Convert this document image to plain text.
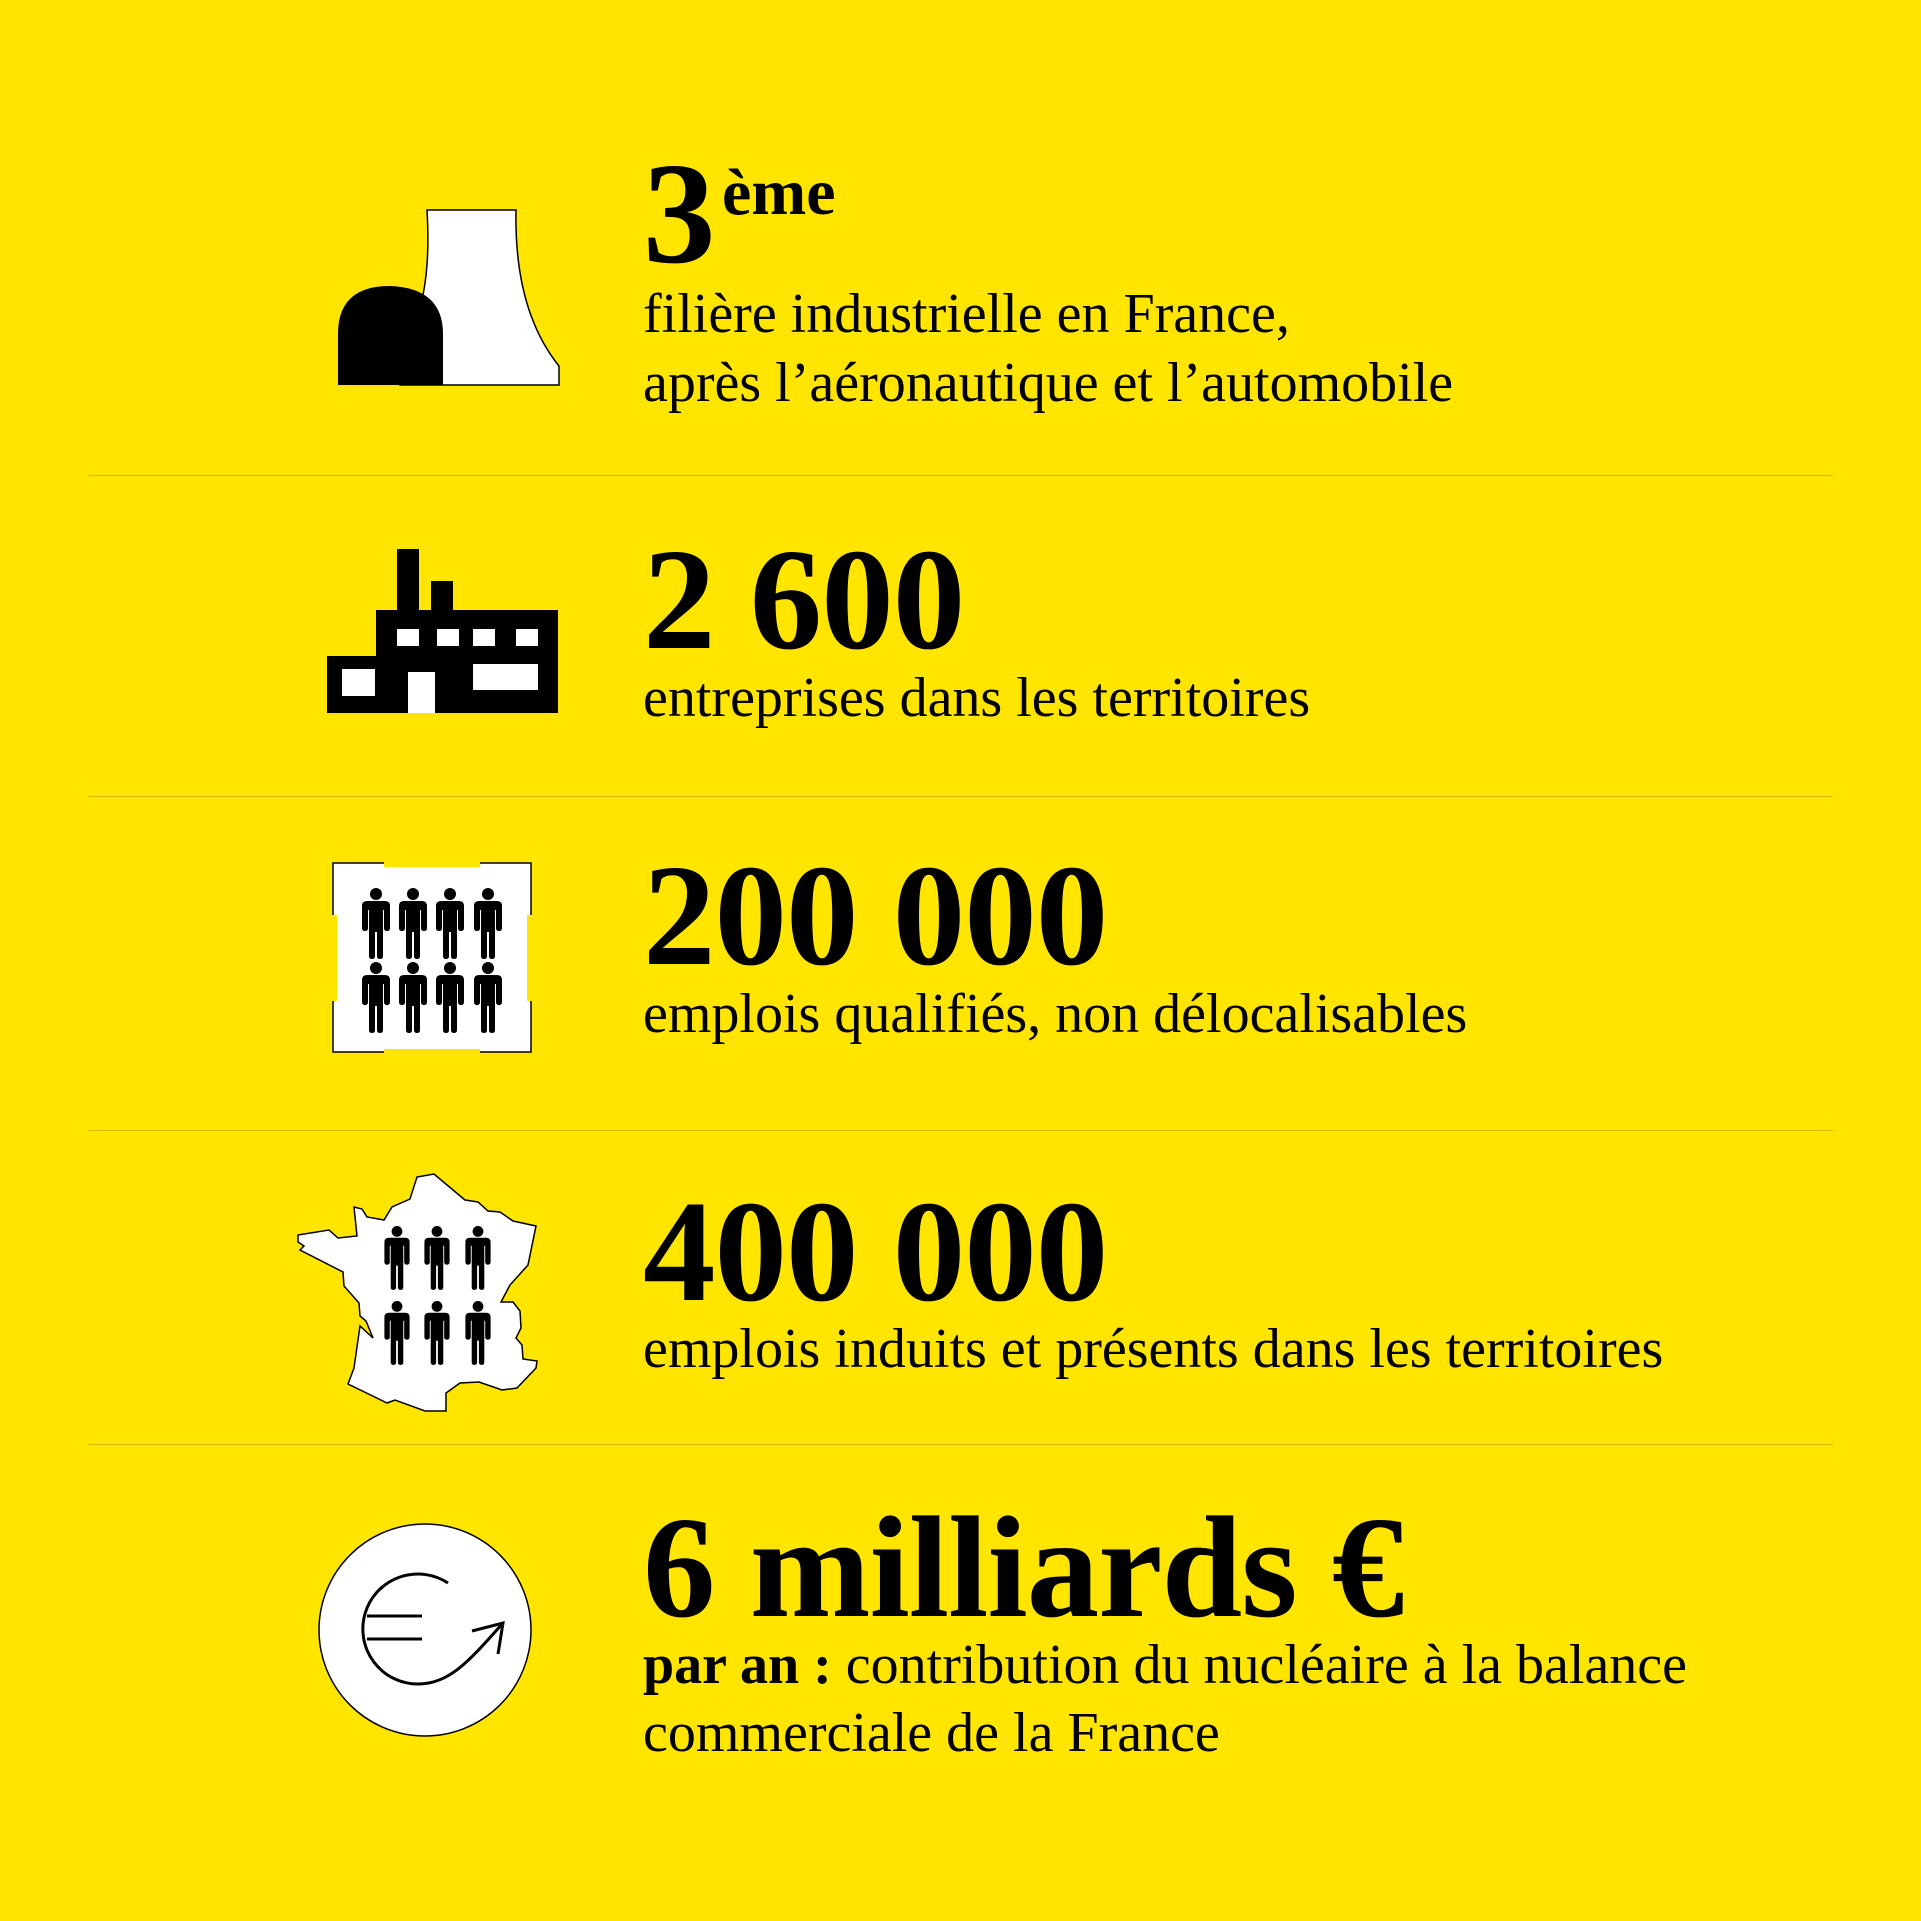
3 ème
filière industrielle en France,
après l’aéronautique et l’automobile
2 600
entreprises dans les territoires
200 000
emplois qualifiés, non délocalisables
400 000
emplois induits et présents dans les territoires
6 milliards €
par an : contribution du nucléaire à la balance
commerciale de la France
